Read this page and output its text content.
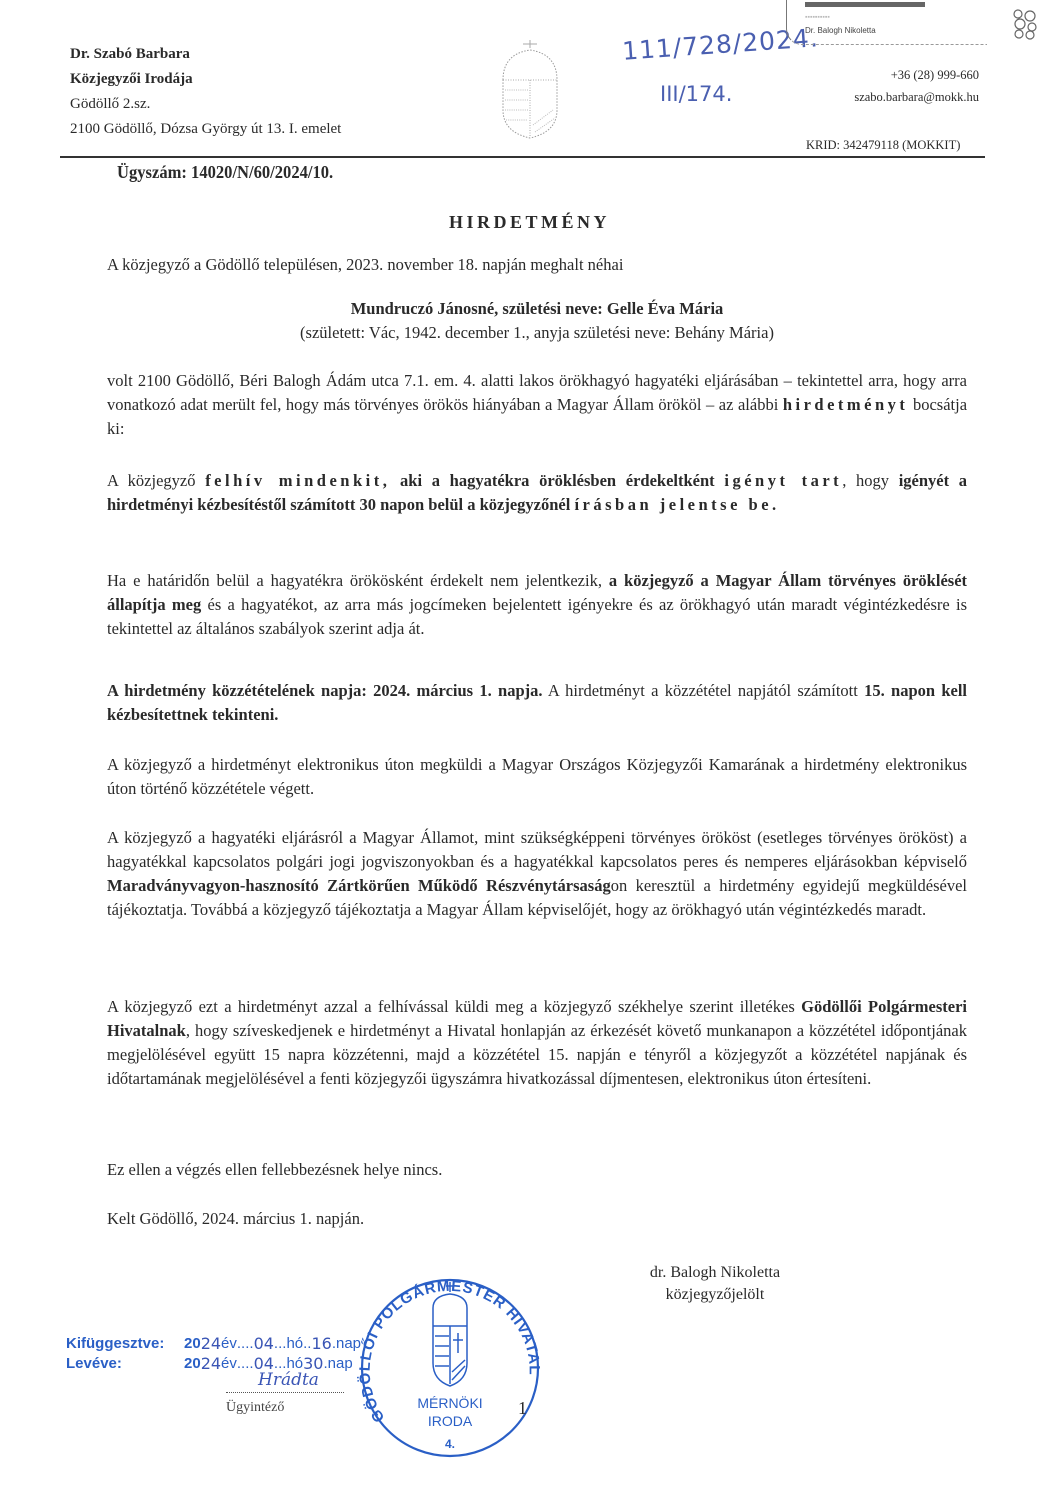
Dr. Szabó Barbara
Közjegyzői Irodája
Gödöllő 2.sz.
2100 Gödöllő, Dózsa György út 13. I. emelet
111/728/2024.
III/174.
▪▪▪▪▪▪▪▪▪▪
Dr. Balogh Nikoletta
+36 (28) 999-660
szabo.barbara@mokk.hu
KRID: 342479118 (MOKKIT)
Ügyszám: 14020/N/60/2024/10.
HIRDETMÉNY
A közjegyző a Gödöllő településen, 2023. november 18. napján meghalt néhai
Mundruczó Jánosné, születési neve: Gelle Éva Mária
(született: Vác, 1942. december 1., anyja születési neve: Behány Mária)
volt 2100 Gödöllő, Béri Balogh Ádám utca 7.1. em. 4. alatti lakos örökhagyó hagyatéki eljárásában – tekintettel arra, hogy arra vonatkozó adat merült fel, hogy más törvényes örökös hiányában a Magyar Állam örököl – az alábbi hirdetményt bocsátja ki:
A közjegyző felhív mindenkit, aki a hagyatékra öröklésben érdekeltként igényt tart, hogy igényét a hirdetményi kézbesítéstől számított 30 napon belül a közjegyzőnél írásban jelentse be.
Ha e határidőn belül a hagyatékra örökösként érdekelt nem jelentkezik, a közjegyző a Magyar Állam törvényes öröklését állapítja meg és a hagyatékot, az arra más jogcímeken bejelentett igényekre és az örökhagyó után maradt végintézkedésre is tekintettel az általános szabályok szerint adja át.
A hirdetmény közzétételének napja: 2024. március 1. napja. A hirdetményt a közzététel napjától számított 15. napon kell kézbesítettnek tekinteni.
A közjegyző a hirdetményt elektronikus úton megküldi a Magyar Országos Közjegyzői Kamarának a hirdetmény elektronikus úton történő közzététele végett.
A közjegyző a hagyatéki eljárásról a Magyar Államot, mint szükségképpeni törvényes örököst (esetleges törvényes örököst) a hagyatékkal kapcsolatos polgári jogi jogviszonyokban és a hagyatékkal kapcsolatos peres és nemperes eljárásokban képviselő Maradványvagyon-hasznosító Zártkörűen Működő Részvénytársaságon keresztül a hirdetmény egyidejű megküldésével tájékoztatja. Továbbá a közjegyző tájékoztatja a Magyar Állam képviselőjét, hogy az örökhagyó után végintézkedés maradt.
A közjegyző ezt a hirdetményt azzal a felhívással küldi meg a közjegyző székhelye szerint illetékes Gödöllői Polgármesteri Hivatalnak, hogy szíveskedjenek e hirdetményt a Hivatal honlapján az érkezését követő munkanapon a közzététel időpontjának megjelölésével együtt 15 napra közzétenni, majd a közzététel 15. napján e tényről a közjegyzőt a közzététel napjának és időtartamának megjelölésével a fenti közjegyzői ügyszámra hivatkozással díjmentesen, elektronikus úton értesíteni.
Ez ellen a végzés ellen fellebbezésnek helye nincs.
Kelt Gödöllő, 2024. március 1. napján.
dr. Balogh Nikoletta
közjegyzőjelölt
Kifüggesztve:	20 24 év .... 04 ... hó .. 16 . nap
Levéve:	20 24 év .... 04 ... hó 30 . nap
Hrádta
Ügyintéző	GÖDÖLLŐI POLGÁRMESTER HIVATAL
MÉRNÖKI
IRODA
4.
1
